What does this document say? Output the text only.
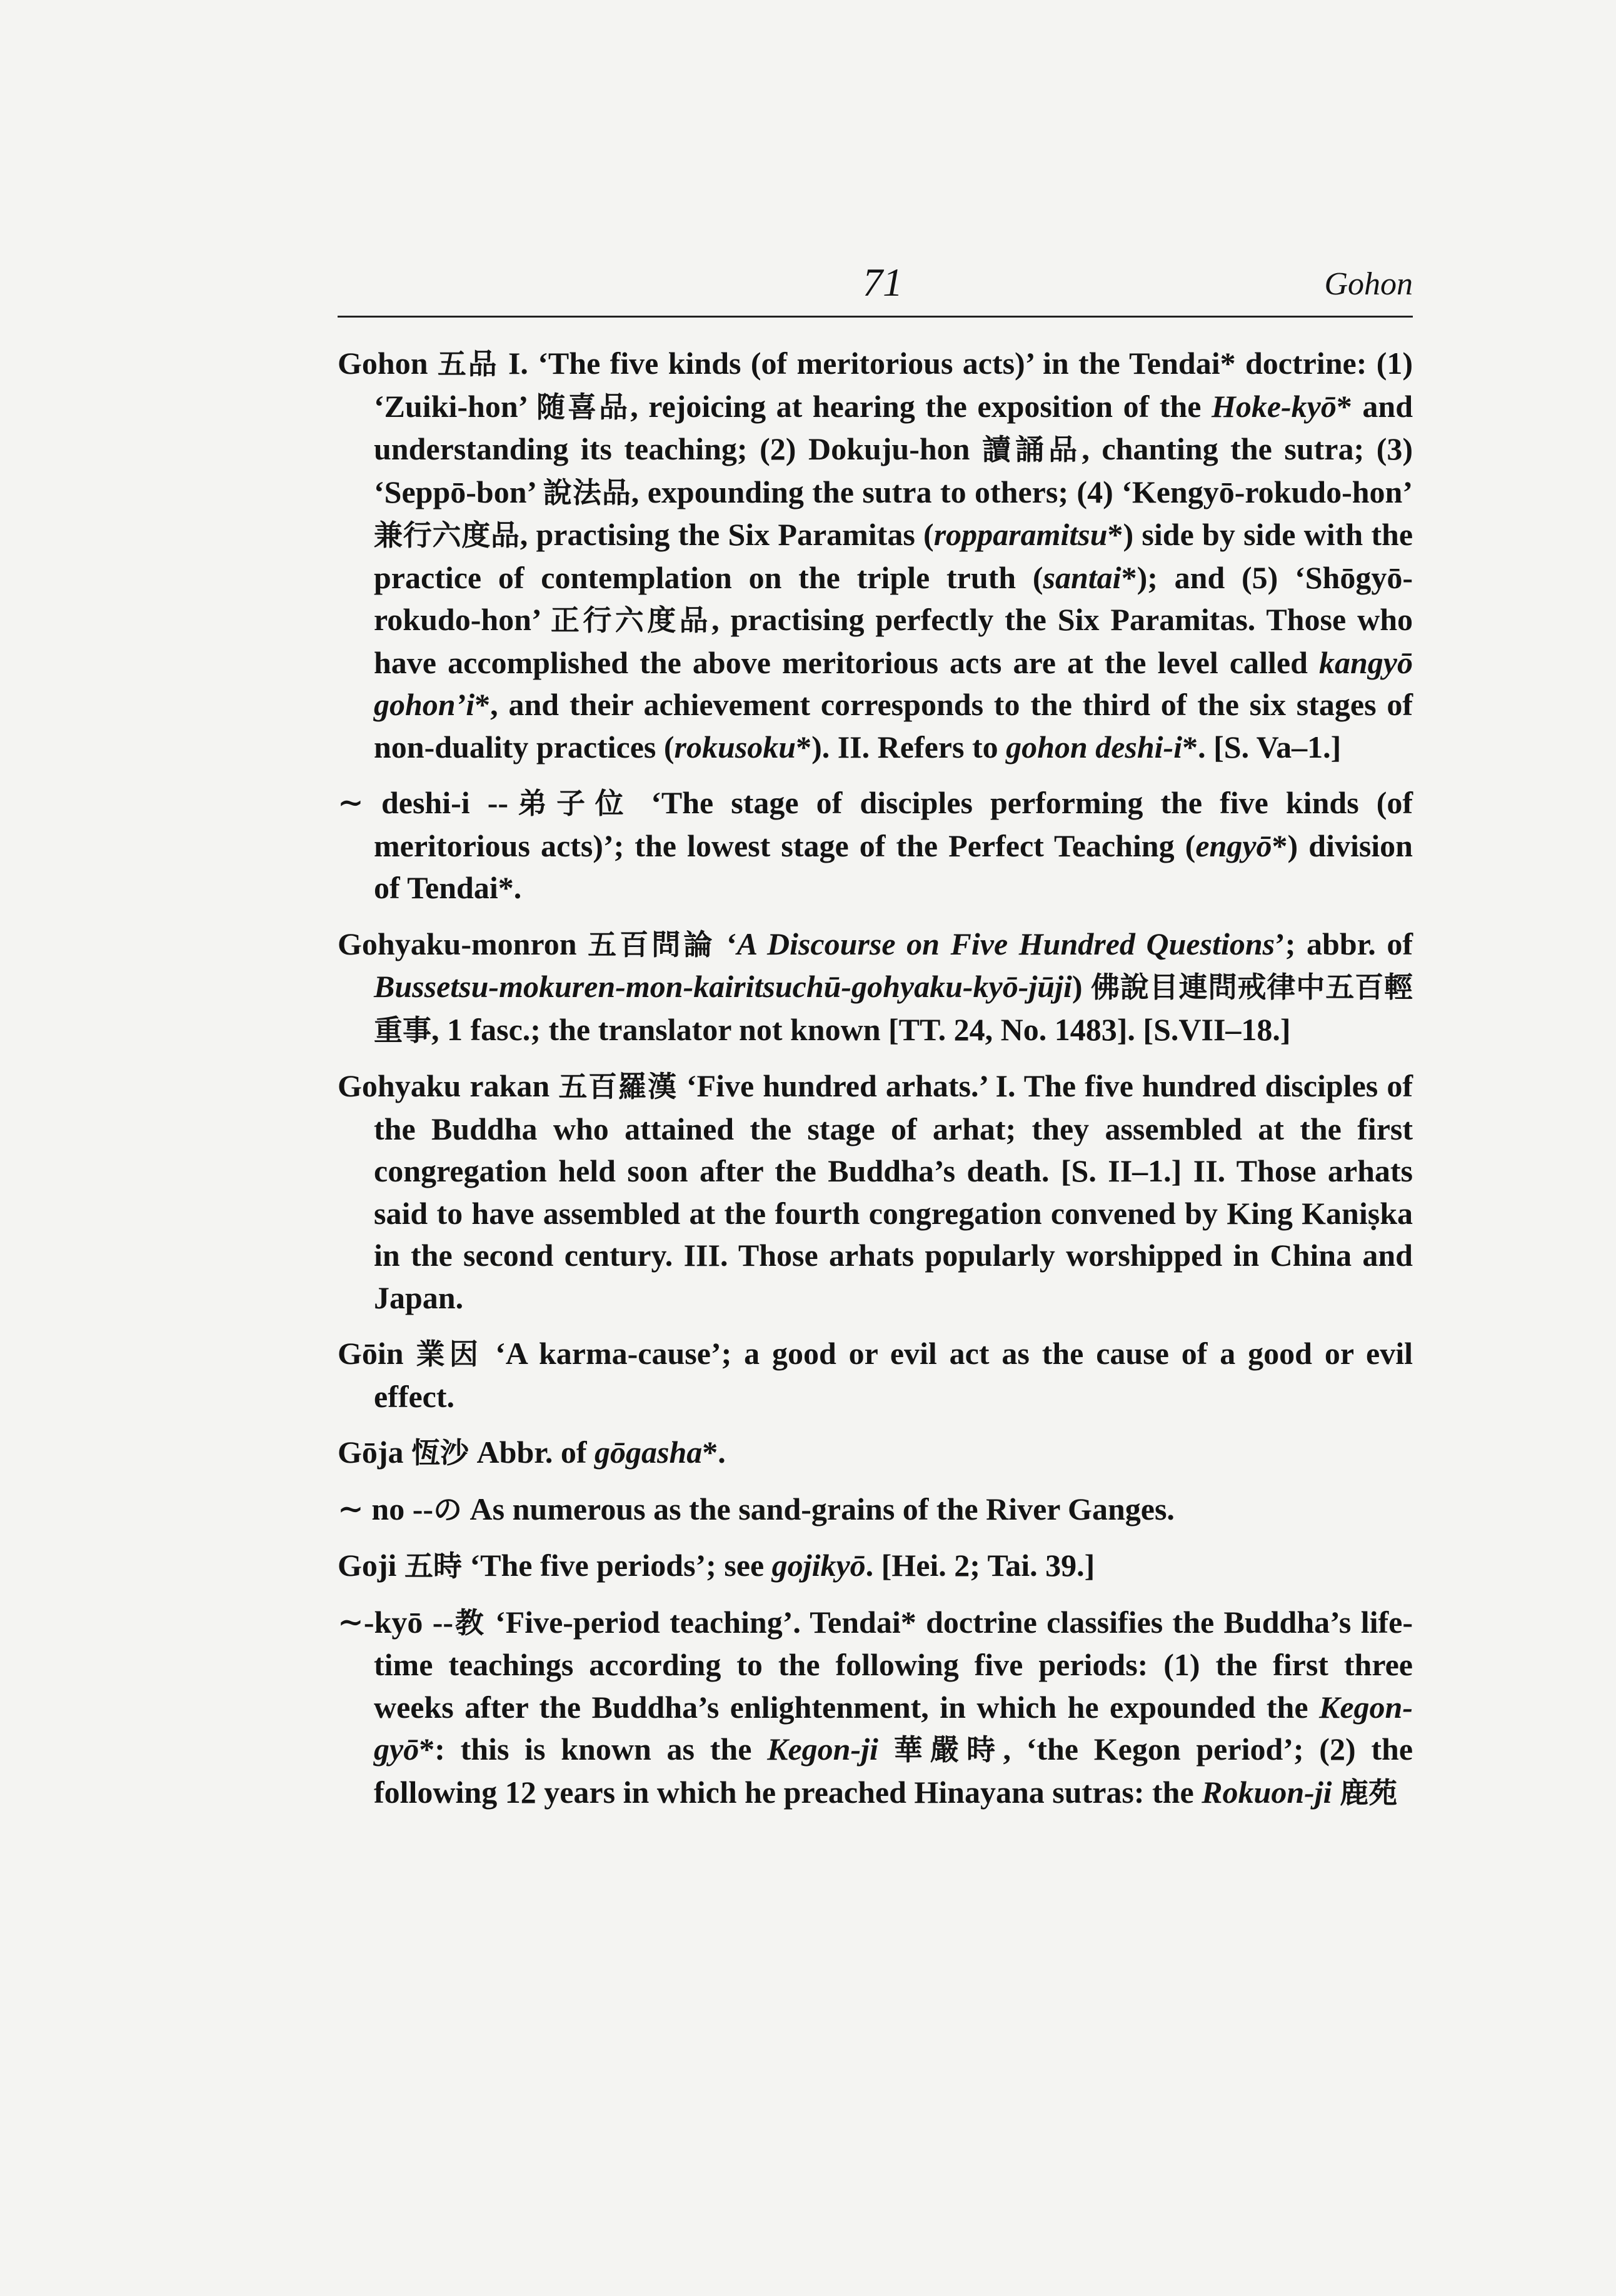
71	Gohon

Gohon 五品 I. ‘The five kinds (of meritorious acts)’ in the Tendai* doctrine: (1) ‘Zuiki-hon’ 随喜品, rejoicing at hearing the exposition of the Hoke-kyō* and understanding its teaching; (2) Dokuju-hon 讀誦品, chanting the sutra; (3) ‘Seppō-bon’ 說法品, expounding the sutra to others; (4) ‘Kengyō-rokudo-hon’ 兼行六度品, practising the Six Paramitas (ropparamitsu*) side by side with the practice of contemplation on the triple truth (santai*); and (5) ‘Shōgyō-rokudo-hon’ 正行六度品, practising perfectly the Six Paramitas. Those who have accomplished the above meritorious acts are at the level called kangyō gohon’i*, and their achievement corresponds to the third of the six stages of non-duality practices (rokusoku*). II. Refers to gohon deshi-i*. [S. Va–1.]

∼ deshi-i --弟子位 ‘The stage of disciples performing the five kinds (of meritorious acts)’; the lowest stage of the Perfect Teaching (engyō*) division of Tendai*.

Gohyaku-monron 五百問論 ‘A Discourse on Five Hundred Questions’; abbr. of Bussetsu-mokuren-mon-kairitsuchū-gohyaku-kyō-jūji) 佛說目連問戒律中五百輕重事, 1 fasc.; the translator not known [TT. 24, No. 1483]. [S.VII–18.]

Gohyaku rakan 五百羅漢 ‘Five hundred arhats.’ I. The five hundred disciples of the Buddha who attained the stage of arhat; they assembled at the first congregation held soon after the Buddha’s death. [S. II–1.] II. Those arhats said to have assembled at the fourth congregation convened by King Kaniṣka in the second century. III. Those arhats popularly worshipped in China and Japan.

Gōin 業因 ‘A karma-cause’; a good or evil act as the cause of a good or evil effect.

Gōja 恆沙 Abbr. of gōgasha*.

∼ no --の As numerous as the sand-grains of the River Ganges.

Goji 五時 ‘The five periods’; see gojikyō. [Hei. 2; Tai. 39.]

∼-kyō --教 ‘Five-period teaching’. Tendai* doctrine classifies the Buddha’s life-time teachings according to the following five periods: (1) the first three weeks after the Buddha’s enlightenment, in which he expounded the Kegon-gyō*: this is known as the Kegon-ji 華嚴時, ‘the Kegon period’; (2) the following 12 years in which he preached Hinayana sutras: the Rokuon-ji 鹿苑
